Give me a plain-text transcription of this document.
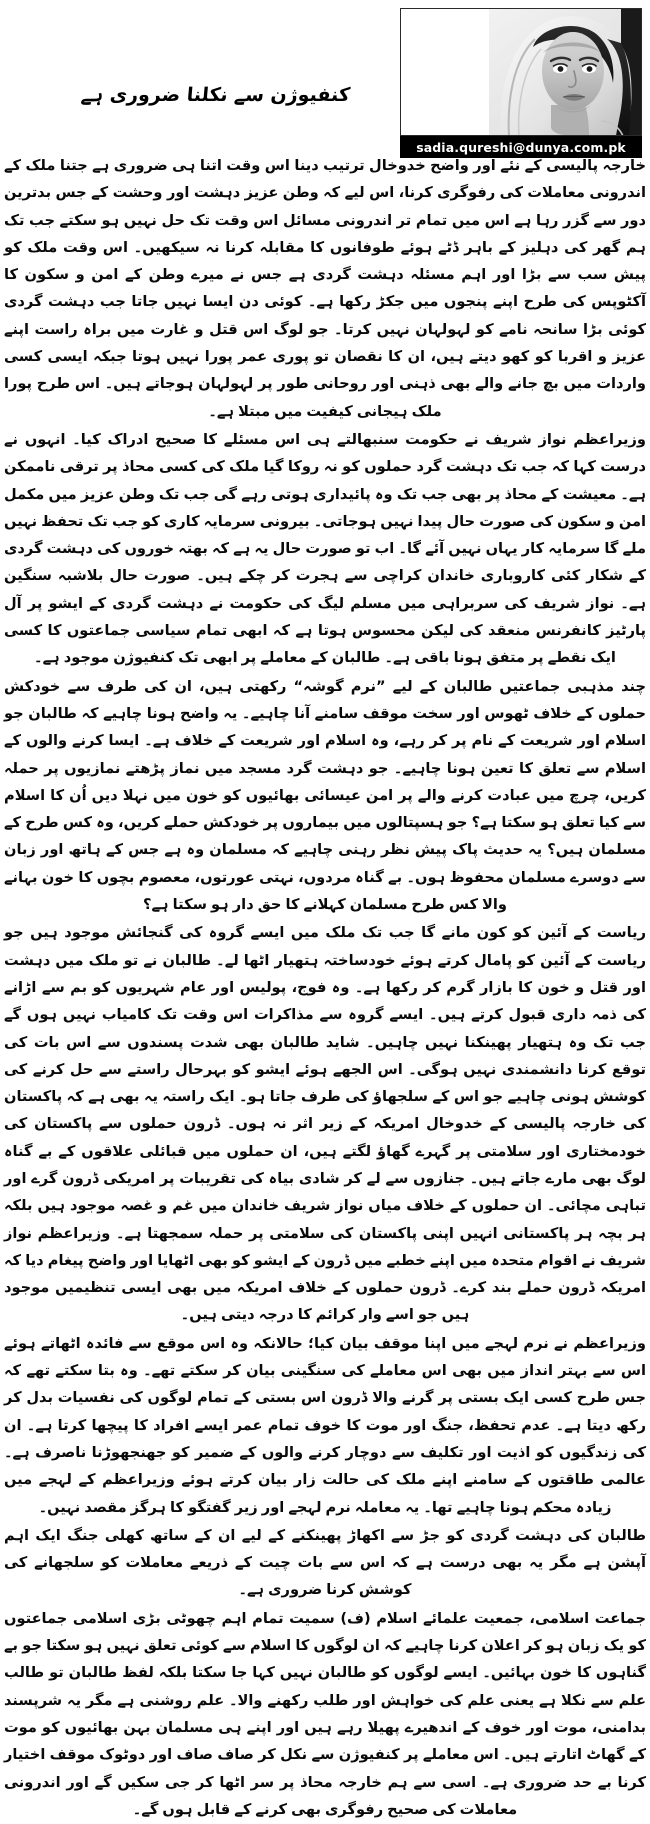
کنفیوژن سے نکلنا ضروری ہے
sadia.qureshi@dunya.com.pk

خارجہ پالیسی کے نئے اور واضح خدوخال ترتیب دینا اس وقت اتنا ہی ضروری ہے جتنا ملک کے اندرونی معاملات کی رفوگری کرنا، اس لیے کہ وطن عزیز دہشت اور وحشت کے جس بدترین دور سے گزر رہا ہے اس میں تمام تر اندرونی مسائل اس وقت تک حل نہیں ہو سکتے جب تک ہم گھر کی دہلیز کے باہر ڈٹے ہوئے طوفانوں کا مقابلہ کرنا نہ سیکھیں۔ اس وقت ملک کو پیش سب سے بڑا اور اہم مسئلہ دہشت گردی ہے جس نے میرے وطن کے امن و سکون کا آکٹوپس کی طرح اپنے پنجوں میں جکڑ رکھا ہے۔ کوئی دن ایسا نہیں جاتا جب دہشت گردی کوئی بڑا سانحہ نامے کو لہولہان نہیں کرتا۔ جو لوگ اس قتل و غارت میں براہ راست اپنے عزیز و اقربا کو کھو دیتے ہیں، ان کا نقصان تو پوری عمر پورا نہیں ہوتا جبکہ ایسی کسی واردات میں بچ جانے والے بھی ذہنی اور روحانی طور پر لہولہان ہوجاتے ہیں۔ اس طرح پورا ملک ہیجانی کیفیت میں مبتلا ہے۔

وزیراعظم نواز شریف نے حکومت سنبھالتے ہی اس مسئلے کا صحیح ادراک کیا۔ انہوں نے درست کہا کہ جب تک دہشت گرد حملوں کو نہ روکا گیا ملک کی کسی محاذ پر ترقی ناممکن ہے۔ معیشت کے محاذ پر بھی جب تک وہ پائیداری ہوتی رہے گی جب تک وطن عزیز میں مکمل امن و سکون کی صورت حال پیدا نہیں ہوجاتی۔ بیرونی سرمایہ کاری کو جب تک تحفظ نہیں ملے گا سرمایہ کار یہاں نہیں آئے گا۔ اب تو صورت حال یہ ہے کہ بھتہ خوروں کی دہشت گردی کے شکار کئی کاروباری خاندان کراچی سے ہجرت کر چکے ہیں۔ صورت حال بلاشبہ سنگین ہے۔ نواز شریف کی سربراہی میں مسلم لیگ کی حکومت نے دہشت گردی کے ایشو پر آل پارٹیز کانفرنس منعقد کی لیکن محسوس ہوتا ہے کہ ابھی تمام سیاسی جماعتوں کا کسی ایک نقطے پر متفق ہونا باقی ہے۔ طالبان کے معاملے پر ابھی تک کنفیوژن موجود ہے۔

چند مذہبی جماعتیں طالبان کے لیے ”نرم گوشہ“ رکھتی ہیں، ان کی طرف سے خودکش حملوں کے خلاف ٹھوس اور سخت موقف سامنے آنا چاہیے۔ یہ واضح ہونا چاہیے کہ طالبان جو اسلام اور شریعت کے نام پر کر رہے، وہ اسلام اور شریعت کے خلاف ہے۔ ایسا کرنے والوں کے اسلام سے تعلق کا تعین ہونا چاہیے۔ جو دہشت گرد مسجد میں نماز پڑھتے نمازیوں پر حملہ کریں، چرچ میں عبادت کرنے والے پر امن عیسائی بھائیوں کو خون میں نہلا دیں اُن کا اسلام سے کیا تعلق ہو سکتا ہے؟ جو ہسپتالوں میں بیماروں پر خودکش حملے کریں، وہ کس طرح کے مسلمان ہیں؟ یہ حدیث پاک پیش نظر رہنی چاہیے کہ مسلمان وہ ہے جس کے ہاتھ اور زبان سے دوسرے مسلمان محفوظ ہوں۔ بے گناہ مردوں، نہتی عورتوں، معصوم بچوں کا خون بہانے والا کس طرح مسلمان کہلانے کا حق دار ہو سکتا ہے؟

ریاست کے آئین کو کون مانے گا جب تک ملک میں ایسے گروہ کی گنجائش موجود ہیں جو ریاست کے آئین کو پامال کرتے ہوئے خودساختہ ہتھیار اٹھا لے۔ طالبان نے تو ملک میں دہشت اور قتل و خون کا بازار گرم کر رکھا ہے۔ وہ فوج، پولیس اور عام شہریوں کو بم سے اڑانے کی ذمہ داری قبول کرتے ہیں۔ ایسے گروہ سے مذاکرات اس وقت تک کامیاب نہیں ہوں گے جب تک وہ ہتھیار پھینکنا نہیں چاہیں۔ شاید طالبان بھی شدت پسندوں سے اس بات کی توقع کرنا دانشمندی نہیں ہوگی۔ اس الجھے ہوئے ایشو کو بہرحال راستے سے حل کرنے کی کوشش ہونی چاہیے جو اس کے سلجھاؤ کی طرف جاتا ہو۔ ایک راستہ یہ بھی ہے کہ پاکستان کی خارجہ پالیسی کے خدوخال امریکہ کے زیر اثر نہ ہوں۔ ڈرون حملوں سے پاکستان کی خودمختاری اور سلامتی پر گہرے گھاؤ لگتے ہیں، ان حملوں میں قبائلی علاقوں کے بے گناہ لوگ بھی مارے جاتے ہیں۔ جنازوں سے لے کر شادی بیاہ کی تقریبات پر امریکی ڈرون گرے اور تباہی مچائی۔ ان حملوں کے خلاف میاں نواز شریف خاندان میں غم و غصہ موجود ہیں بلکہ ہر بچہ ہر پاکستانی انہیں اپنی پاکستان کی سلامتی پر حملہ سمجھتا ہے۔ وزیراعظم نواز شریف نے اقوام متحدہ میں اپنے خطبے میں ڈرون کے ایشو کو بھی اٹھایا اور واضح پیغام دیا کہ امریکہ ڈرون حملے بند کرے۔ ڈرون حملوں کے خلاف امریکہ میں بھی ایسی تنظیمیں موجود ہیں جو اسے وار کرائم کا درجہ دیتی ہیں۔

وزیراعظم نے نرم لہجے میں اپنا موقف بیان کیا؛ حالانکہ وہ اس موقع سے فائدہ اٹھاتے ہوئے اس سے بہتر انداز میں بھی اس معاملے کی سنگینی بیان کر سکتے تھے۔ وہ بتا سکتے تھے کہ جس طرح کسی ایک بستی پر گرنے والا ڈرون اس بستی کے تمام لوگوں کی نفسیات بدل کر رکھ دیتا ہے۔ عدم تحفظ، جنگ اور موت کا خوف تمام عمر ایسے افراد کا پیچھا کرتا ہے۔ ان کی زندگیوں کو اذیت اور تکلیف سے دوچار کرنے والوں کے ضمیر کو جھنجھوڑنا ناصرف ہے۔ عالمی طاقتوں کے سامنے اپنے ملک کی حالت زار بیان کرتے ہوئے وزیراعظم کے لہجے میں زیادہ محکم ہونا چاہیے تھا۔ یہ معاملہ نرم لہجے اور زیر گفتگو کا ہرگز مقصد نہیں۔

طالبان کی دہشت گردی کو جڑ سے اکھاڑ پھینکنے کے لیے ان کے ساتھ کھلی جنگ ایک اہم آپشن ہے مگر یہ بھی درست ہے کہ اس سے بات چیت کے ذریعے معاملات کو سلجھانے کی کوشش کرنا ضروری ہے۔

جماعت اسلامی، جمعیت علمائے اسلام (ف) سمیت تمام اہم چھوٹی بڑی اسلامی جماعتوں کو یک زبان ہو کر اعلان کرنا چاہیے کہ ان لوگوں کا اسلام سے کوئی تعلق نہیں ہو سکتا جو بے گناہوں کا خون بہائیں۔ ایسے لوگوں کو طالبان نہیں کہا جا سکتا بلکہ لفظ طالبان تو طالب علم سے نکلا ہے یعنی علم کی خواہش اور طلب رکھنے والا۔ علم روشنی ہے مگر یہ شرپسند بدامنی، موت اور خوف کے اندھیرے پھیلا رہے ہیں اور اپنے ہی مسلمان بہن بھائیوں کو موت کے گھاٹ اتارتے ہیں۔ اس معاملے پر کنفیوژن سے نکل کر صاف صاف اور دوٹوک موقف اختیار کرنا بے حد ضروری ہے۔ اسی سے ہم خارجہ محاذ پر سر اٹھا کر جی سکیں گے اور اندرونی معاملات کی صحیح رفوگری بھی کرنے کے قابل ہوں گے۔
